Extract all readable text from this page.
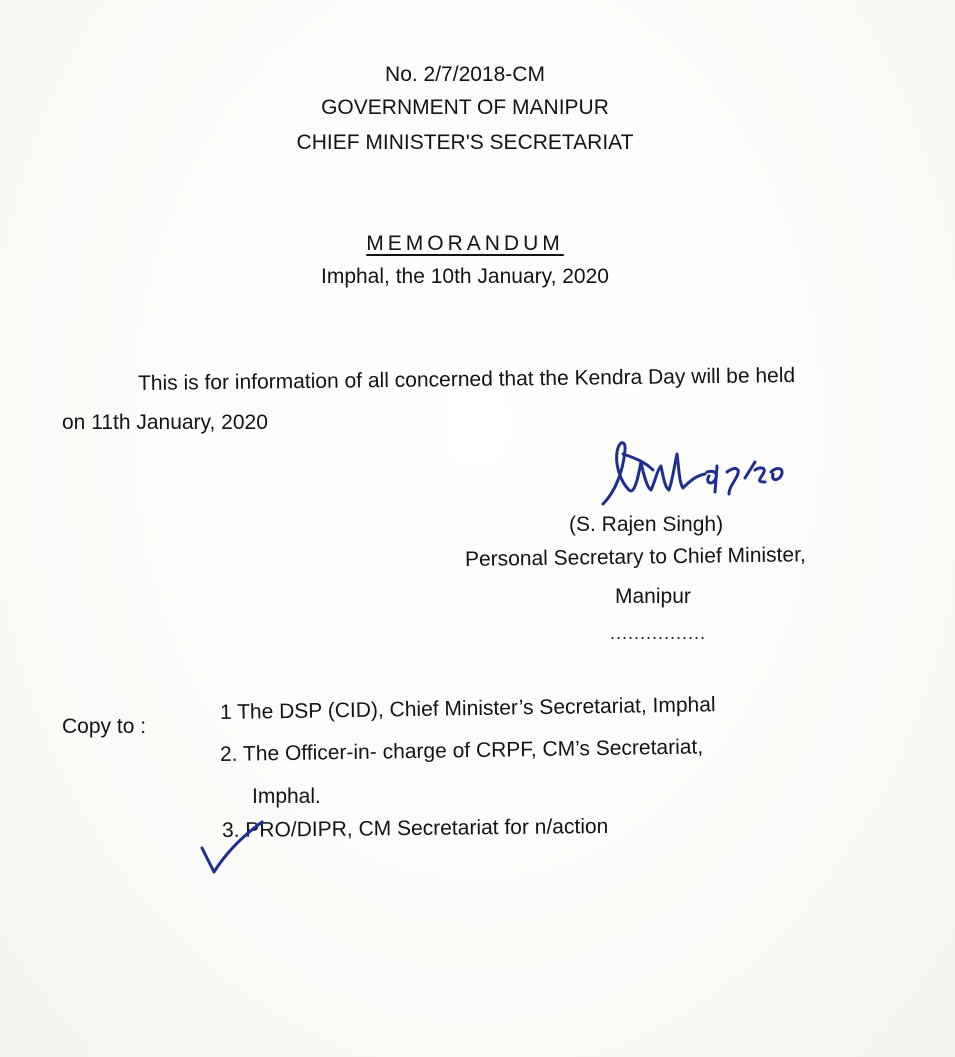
No. 2/7/2018-CM
GOVERNMENT OF MANIPUR
CHIEF MINISTER'S SECRETARIAT
MEMORANDUM
Imphal, the 10th January, 2020
This is for information of all concerned that the Kendra Day will be held
on 11th January, 2020
(S. Rajen Singh)
Personal Secretary to Chief Minister,
Manipur
................
Copy to :
1 The DSP (CID), Chief Minister’s Secretariat, Imphal
2. The Officer-in- charge of CRPF, CM’s Secretariat,
Imphal.
3. PRO/DIPR, CM Secretariat for n/action
